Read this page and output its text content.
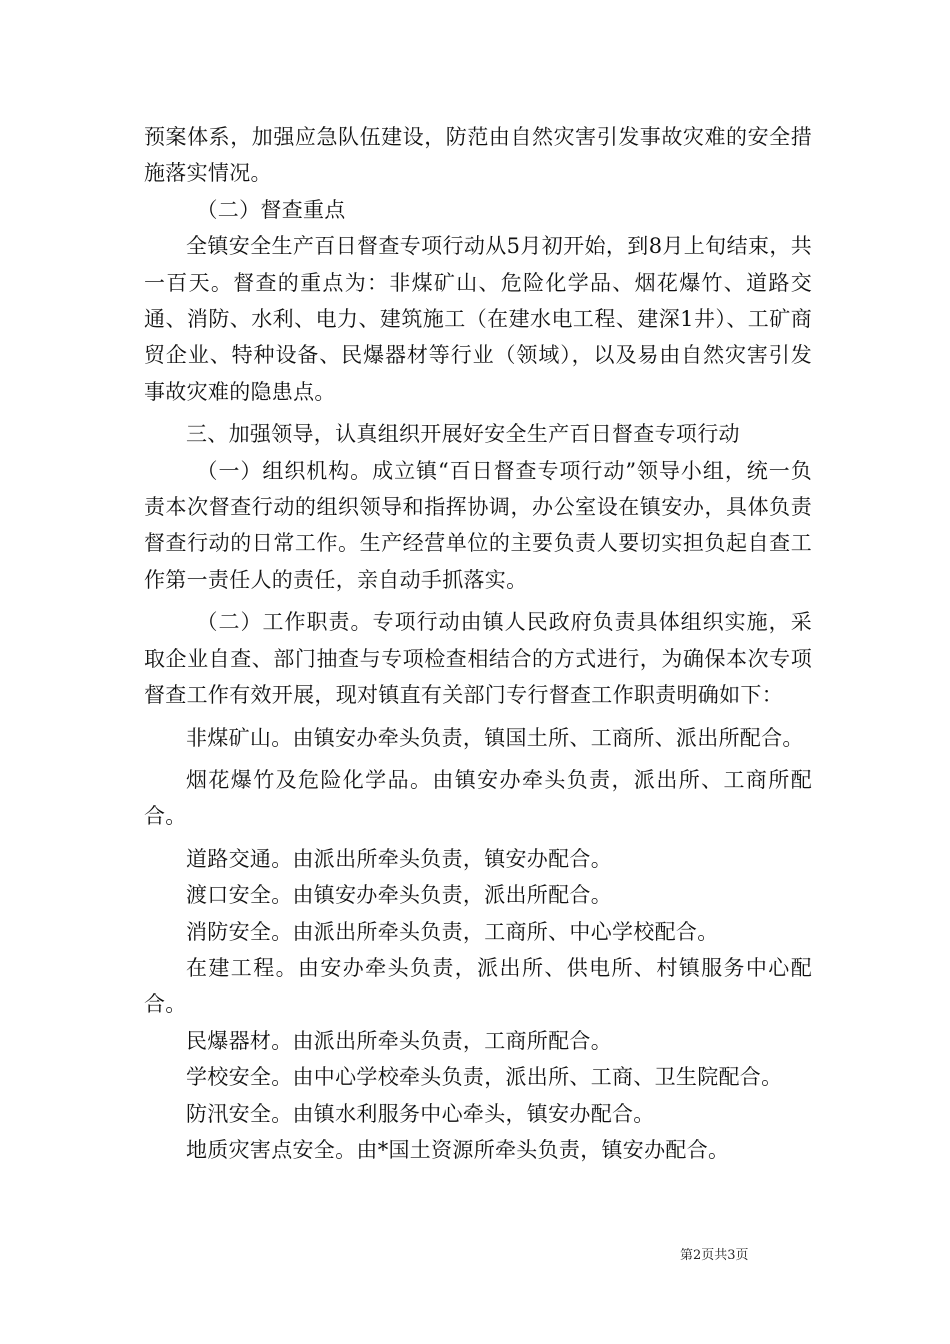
预案体系，加强应急队伍建设，防范由自然灾害引发事故灾难的安全措施落实情况。

（二）督查重点

全镇安全生产百日督查专项行动从5月初开始，到8月上旬结束，共一百天。督查的重点为：非煤矿山、危险化学品、烟花爆竹、道路交通、消防、水利、电力、建筑施工（在建水电工程、建深1井）、工矿商贸企业、特种设备、民爆器材等行业（领域），以及易由自然灾害引发事故灾难的隐患点。

三、加强领导，认真组织开展好安全生产百日督查专项行动

（一）组织机构。成立镇“百日督查专项行动”领导小组，统一负责本次督查行动的组织领导和指挥协调，办公室设在镇安办，具体负责督查行动的日常工作。生产经营单位的主要负责人要切实担负起自查工作第一责任人的责任，亲自动手抓落实。

（二）工作职责。专项行动由镇人民政府负责具体组织实施，采取企业自查、部门抽查与专项检查相结合的方式进行，为确保本次专项督查工作有效开展，现对镇直有关部门专行督查工作职责明确如下：

非煤矿山。由镇安办牵头负责，镇国土所、工商所、派出所配合。

烟花爆竹及危险化学品。由镇安办牵头负责，派出所、工商所配合。

道路交通。由派出所牵头负责，镇安办配合。

渡口安全。由镇安办牵头负责，派出所配合。

消防安全。由派出所牵头负责，工商所、中心学校配合。

在建工程。由安办牵头负责，派出所、供电所、村镇服务中心配合。

民爆器材。由派出所牵头负责，工商所配合。

学校安全。由中心学校牵头负责，派出所、工商、卫生院配合。

防汛安全。由镇水利服务中心牵头，镇安办配合。

地质灾害点安全。由*国土资源所牵头负责，镇安办配合。

第2页共3页
